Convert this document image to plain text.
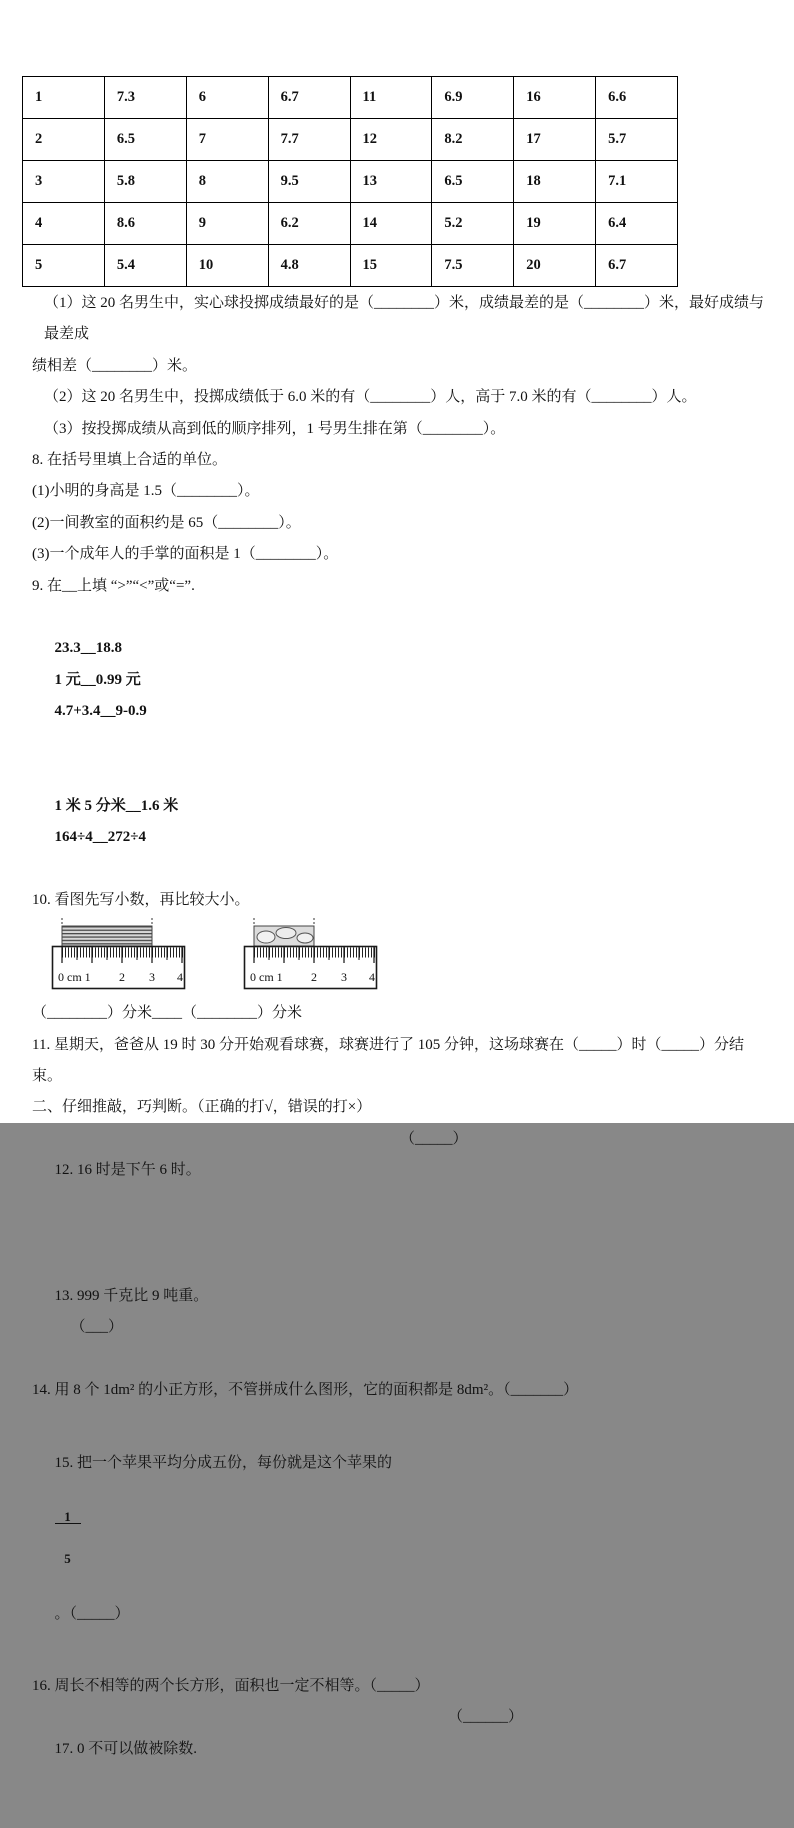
1	7.3	6	6.7	11	6.9	16	6.6
2	6.5	7	7.7	12	8.2	17	5.7
3	5.8	8	9.5	13	6.5	18	7.1
4	8.6	9	6.2	14	5.2	19	6.4
5	5.4	10	4.8	15	7.5	20	6.7
（1）这 20 名男生中，实心球投掷成绩最好的是（________）米，成绩最差的是（________）米，最好成绩与最差成
绩相差（________）米。
（2）这 20 名男生中，投掷成绩低于 6.0 米的有（________）人，高于 7.0 米的有（________）人。
（3）按投掷成绩从高到低的顺序排列，1 号男生排在第（________）。
8. 在括号里填上合适的单位。
(1)小明的身高是 1.5（________）。
(2)一间教室的面积约是 65（________）。
(3)一个成年人的手掌的面积是 1（________）。
9. 在__上填 “>”“<”或“=”.

23.3__18.8
1 元__0.99 元
4.7+3.4__9-0.9

1 米 5 分米__1.6 米
164÷4__272÷4

10. 看图先写小数，再比较大小。
0 cm 1 2 3 4
	0 cm 1 2 3 4
（________）分米____（________）分米
11. 星期天，爸爸从 19 时 30 分开始观看球赛，球赛进行了 105 分钟，这场球赛在（_____）时（_____）分结束。
二、仔细推敲，巧判断。（正确的打√，错误的打×）

12. 16 时是下午 6 时。

（_____）

13. 999 千克比 9 吨重。
（___）

14. 用 8 个 1dm² 的小正方形，不管拼成什么图形，它的面积都是 8dm²。（_______）

15. 把一个苹果平均分成五份，每份就是这个苹果的

$\frac{1}{5}$

。（_____）

16. 周长不相等的两个长方形，面积也一定不相等。（_____）

17. 0 不可以做被除数.

（______）
